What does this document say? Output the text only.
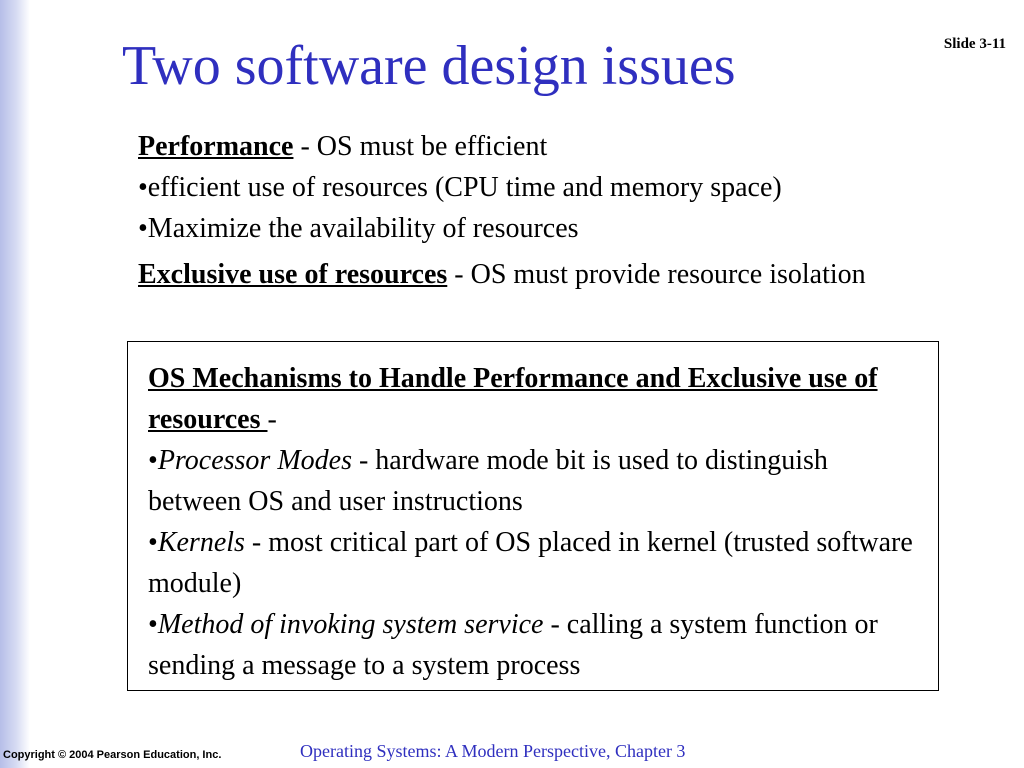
Two software design issues	Slide 3-11

Performance - OS must be efficient

•efficient use of resources (CPU time and memory space)

•Maximize the availability of resources

Exclusive use of resources - OS must provide resource isolation

OS Mechanisms to Handle Performance and Exclusive use of resources -

•Processor Modes - hardware mode bit is used to distinguish between OS and user instructions

•Kernels - most critical part of OS placed in kernel (trusted software module)

•Method of invoking system service - calling a system function or sending a message to a system process

Copyright © 2004 Pearson Education, Inc.	Operating Systems: A Modern Perspective, Chapter 3
